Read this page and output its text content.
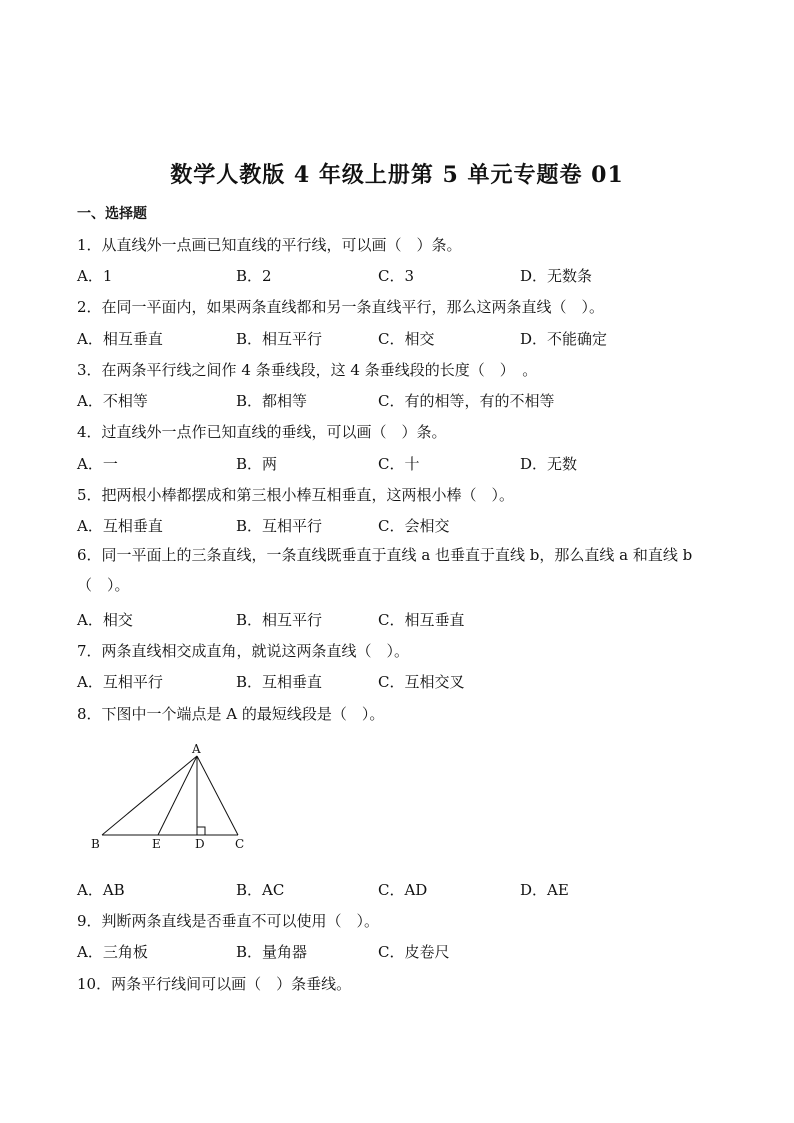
数学人教版 4 年级上册第 5 单元专题卷 01
一、选择题
1．从直线外一点画已知直线的平行线，可以画（　）条。
A．1	B．2	C．3	D．无数条
2．在同一平面内，如果两条直线都和另一条直线平行，那么这两条直线（　）。
A．相互垂直	B．相互平行	C．相交	D．不能确定
3．在两条平行线之间作 4 条垂线段，这 4 条垂线段的长度（　）　。
A．不相等	B．都相等	C．有的相等，有的不相等
4．过直线外一点作已知直线的垂线，可以画（　）条。
A．一	B．两	C．十	D．无数
5．把两根小棒都摆成和第三根小棒互相垂直，这两根小棒（　）。
A．互相垂直	B．互相平行	C．会相交
6．同一平面上的三条直线，一条直线既垂直于直线 a 也垂直于直线 b，那么直线 a 和直线 b（　）。
A．相交	B．相互平行	C．相互垂直
7．两条直线相交成直角，就说这两条直线（　）。
A．互相平行	B．互相垂直	C．互相交叉
8．下图中一个端点是 A 的最短线段是（　）。
A
B	E	D	C
A．AB	B．AC	C．AD	D．AE
9．判断两条直线是否垂直不可以使用（　）。
A．三角板	B．量角器	C．皮卷尺
10．两条平行线间可以画（　）条垂线。
